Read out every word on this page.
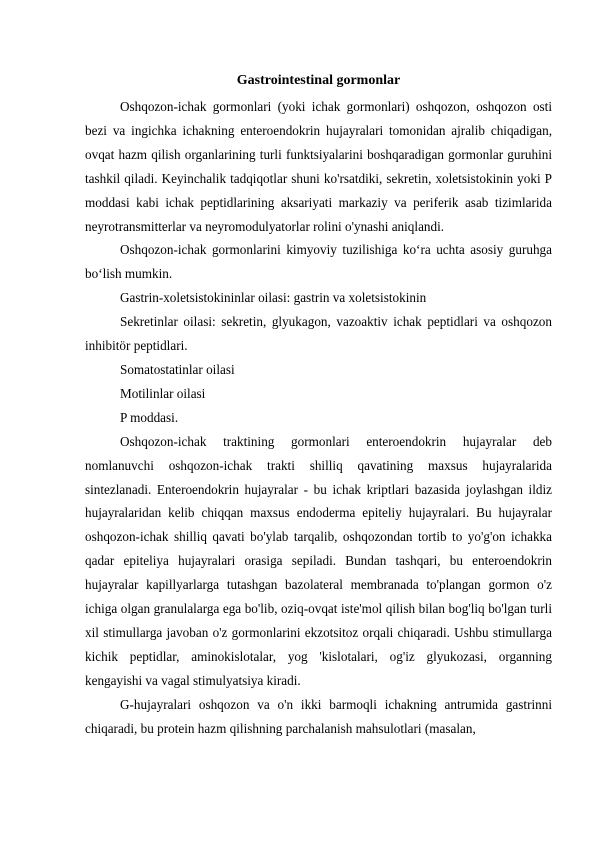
Gastrointestinal gormonlar

Oshqozon-ichak gormonlari (yoki ichak gormonlari) oshqozon, oshqozon osti bezi va ingichka ichakning enteroendokrin hujayralari tomonidan ajralib chiqadigan, ovqat hazm qilish organlarining turli funktsiyalarini boshqaradigan gormonlar guruhini tashkil qiladi. Keyinchalik tadqiqotlar shuni ko'rsatdiki, sekretin, xoletsistokinin yoki P moddasi kabi ichak peptidlarining aksariyati markaziy va periferik asab tizimlarida neyrotransmitterlar va neyromodulyatorlar rolini o'ynashi aniqlandi.

Oshqozon-ichak gormonlarini kimyoviy tuzilishiga ko‘ra uchta asosiy guruhga bo‘lish mumkin.

Gastrin-xoletsistokininlar oilasi: gastrin va xoletsistokinin

Sekretinlar oilasi: sekretin, glyukagon, vazoaktiv ichak peptidlari va oshqozon inhibitör peptidlari.

Somatostatinlar oilasi

Motilinlar oilasi

P moddasi.

Oshqozon-ichak traktining gormonlari enteroendokrin hujayralar deb nomlanuvchi oshqozon-ichak trakti shilliq qavatining maxsus hujayralarida sintezlanadi. Enteroendokrin hujayralar - bu ichak kriptlari bazasida joylashgan ildiz hujayralaridan kelib chiqqan maxsus endoderma epiteliy hujayralari. Bu hujayralar oshqozon-ichak shilliq qavati bo'ylab tarqalib, oshqozondan tortib to yo'g'on ichakka qadar epiteliya hujayralari orasiga sepiladi. Bundan tashqari, bu enteroendokrin hujayralar kapillyarlarga tutashgan bazolateral membranada to'plangan gormon o'z ichiga olgan granulalarga ega bo'lib, oziq-ovqat iste'mol qilish bilan bog'liq bo'lgan turli xil stimullarga javoban o'z gormonlarini ekzotsitoz orqali chiqaradi. Ushbu stimullarga kichik peptidlar, aminokislotalar, yog 'kislotalari, og'iz glyukozasi, organning kengayishi va vagal stimulyatsiya kiradi.

G-hujayralari oshqozon va o'n ikki barmoqli ichakning antrumida gastrinni chiqaradi, bu protein hazm qilishning parchalanish mahsulotlari (masalan,
